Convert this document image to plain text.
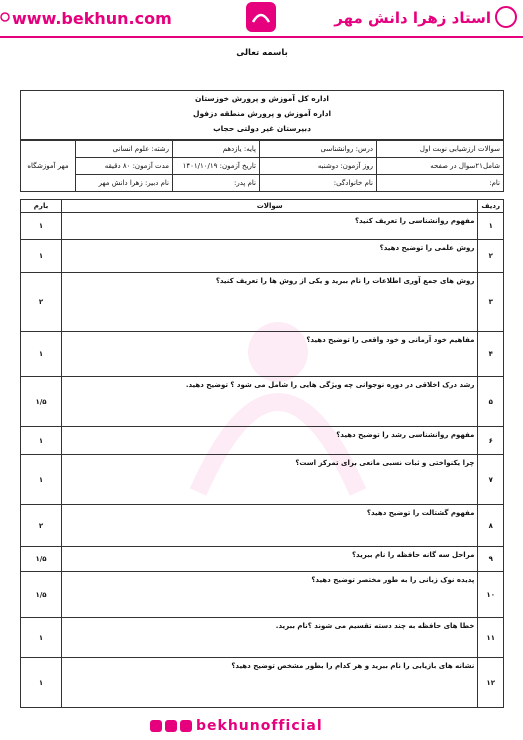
www.bekhun.com	استاد زهرا دانش مهر
باسمه تعالی
اداره کل آموزش و پرورش خوزستان
اداره آموزش و پرورش منطقه دزفول
دبیرستان غیر دولتی حجاب
سوالات ارزشیابی نوبت اول	درس: روانشناسی	پایه: یازدهم	رشته: علوم انسانی	مهر آموزشگاه
شامل۲۱سوال در صفحه	روز آزمون: دوشنبه	تاریخ آزمون: ۱۴۰۱/۱۰/۱۹	مدت آزمون: ۸۰ دقیقه	
نام:	نام خانوادگی:	نام پدر:	نام دبیر: زهرا دانش مهر	
ردیف	سوالات	بارم
۱	مفهوم روانشناسی را تعریف کنید؟	۱
۲	روش علمی را توضیح دهید؟	۱
۳	روش های جمع آوری اطلاعات را نام ببرید و یکی از روش ها را تعریف کنید؟	۲
۴	مفاهیم خود آرمانی و خود واقعی را توضیح دهید؟	۱
۵	رشد درک اخلاقی در دوره نوجوانی چه ویژگی هایی را شامل می شود ؟ توضیح دهید.	۱/۵
۶	مفهوم روانشناسی رشد را توضیح دهید؟	۱
۷	چرا یکنواختی و ثبات نسبی مانعی برای تمرکز است؟	۱
۸	مفهوم گشتالت را توضیح دهید؟	۲
۹	مراحل سه گانه حافظه را نام ببرید؟	۱/۵
۱۰	پدیده نوک زبانی را به طور مختصر توضیح دهید؟	۱/۵
۱۱	خطا های حافظه به چند دسته تقسیم می شوند ؟نام ببرید.	۱
۱۲	نشانه های بازیابی را نام ببرید و هر کدام را بطور مشخص توضیح دهید؟	۱
bekhunofficial
